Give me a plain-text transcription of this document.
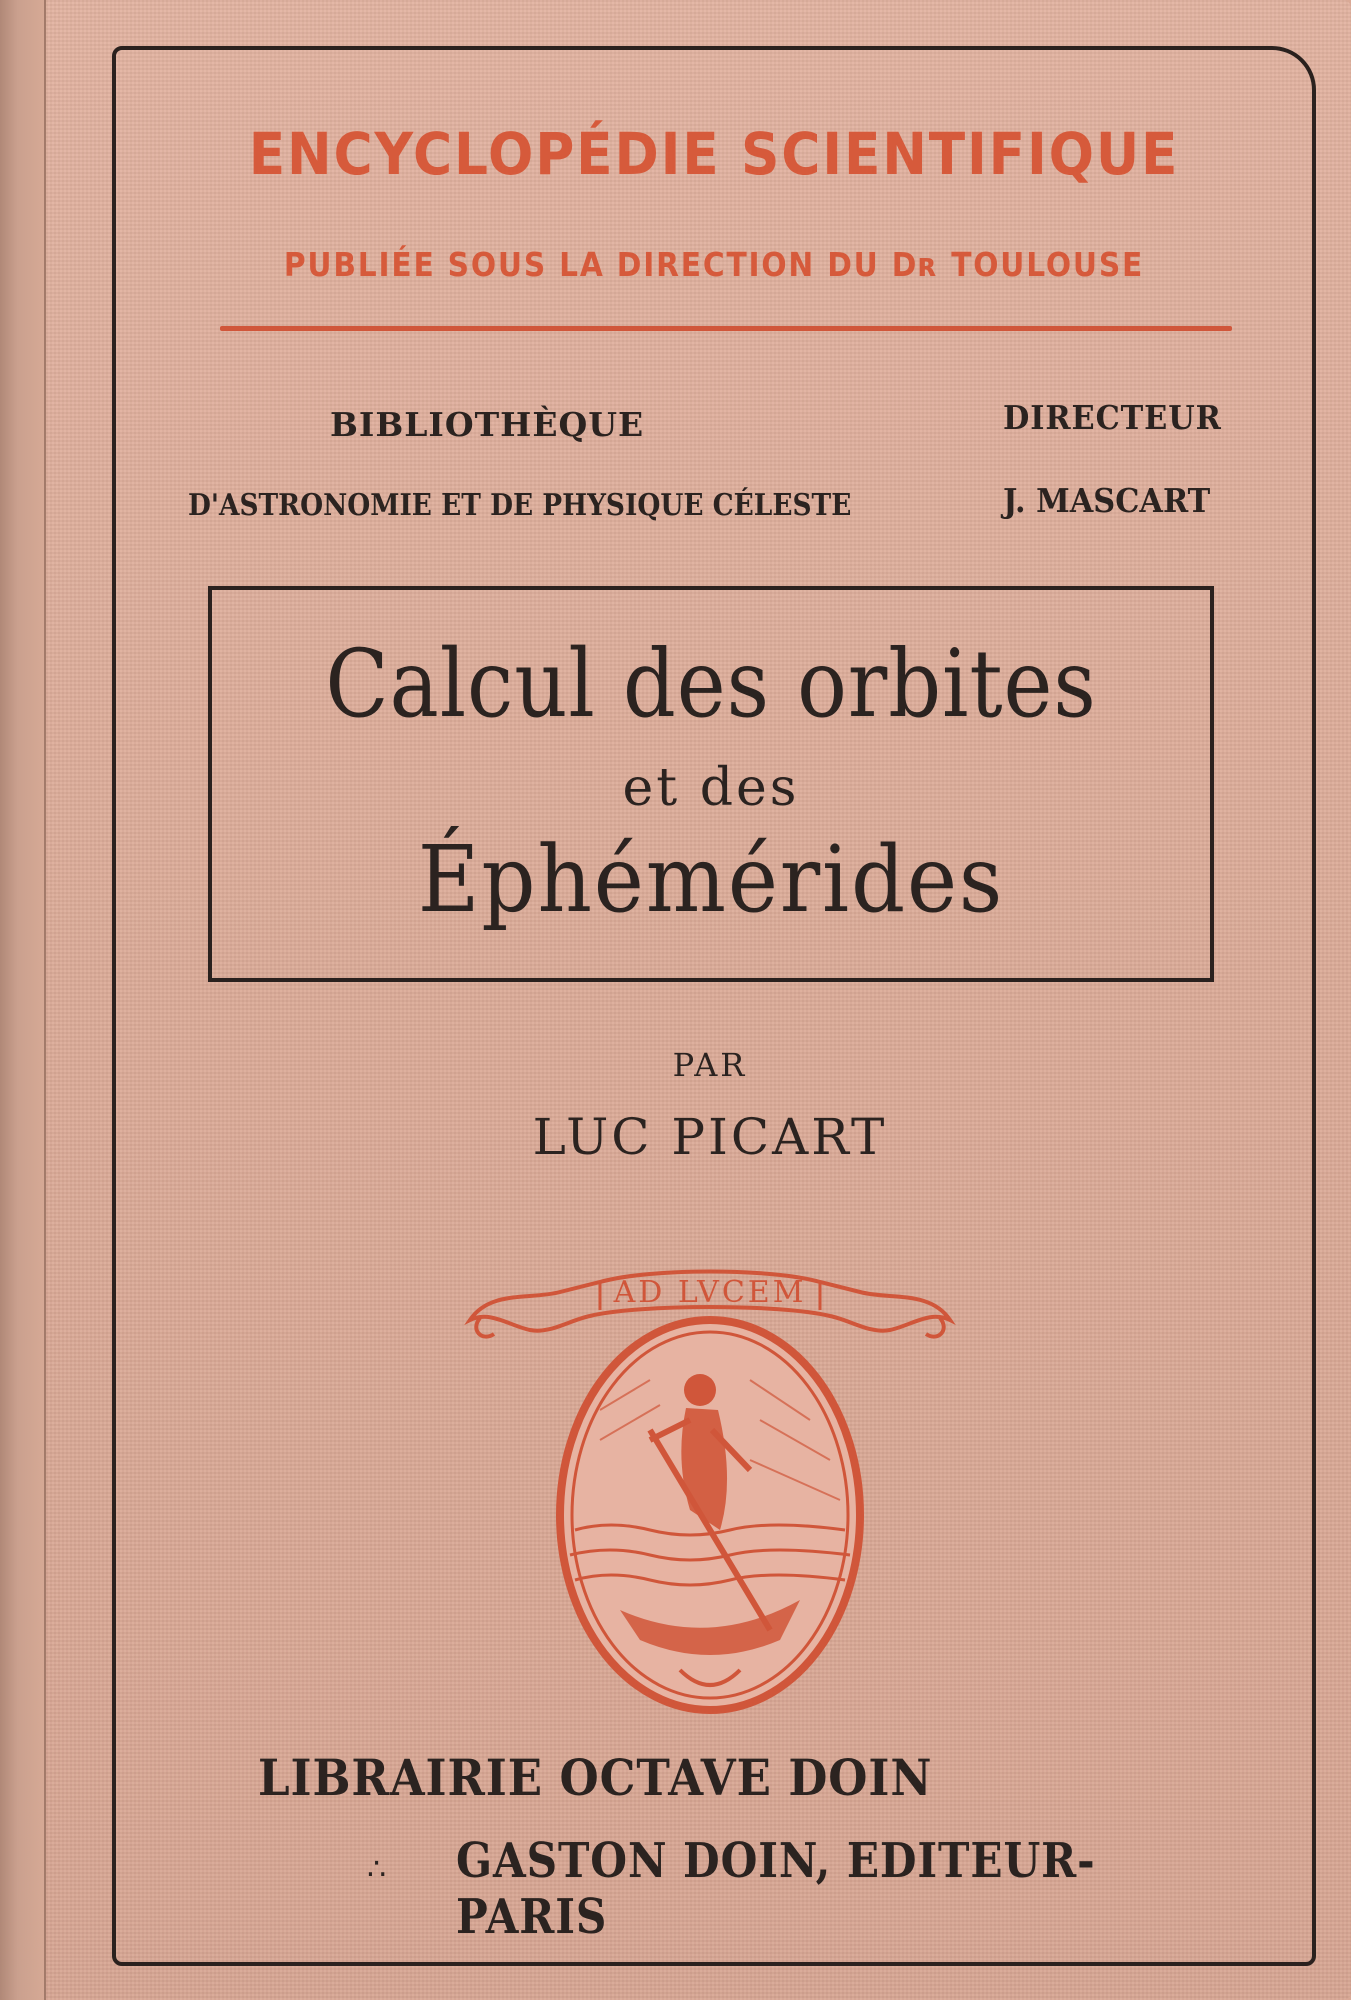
ENCYCLOPÉDIE SCIENTIFIQUE
PUBLIÉE SOUS LA DIRECTION DU Dʀ TOULOUSE
BIBLIOTHÈQUE
D'ASTRONOMIE ET DE PHYSIQUE CÉLESTE
DIRECTEUR
J. MASCART
Calcul des orbites
et des
Éphémérides
PAR
LUC PICART
AD LVCEM
LIBRAIRIE OCTAVE DOIN
∴ GASTON DOIN, EDITEUR-PARIS
